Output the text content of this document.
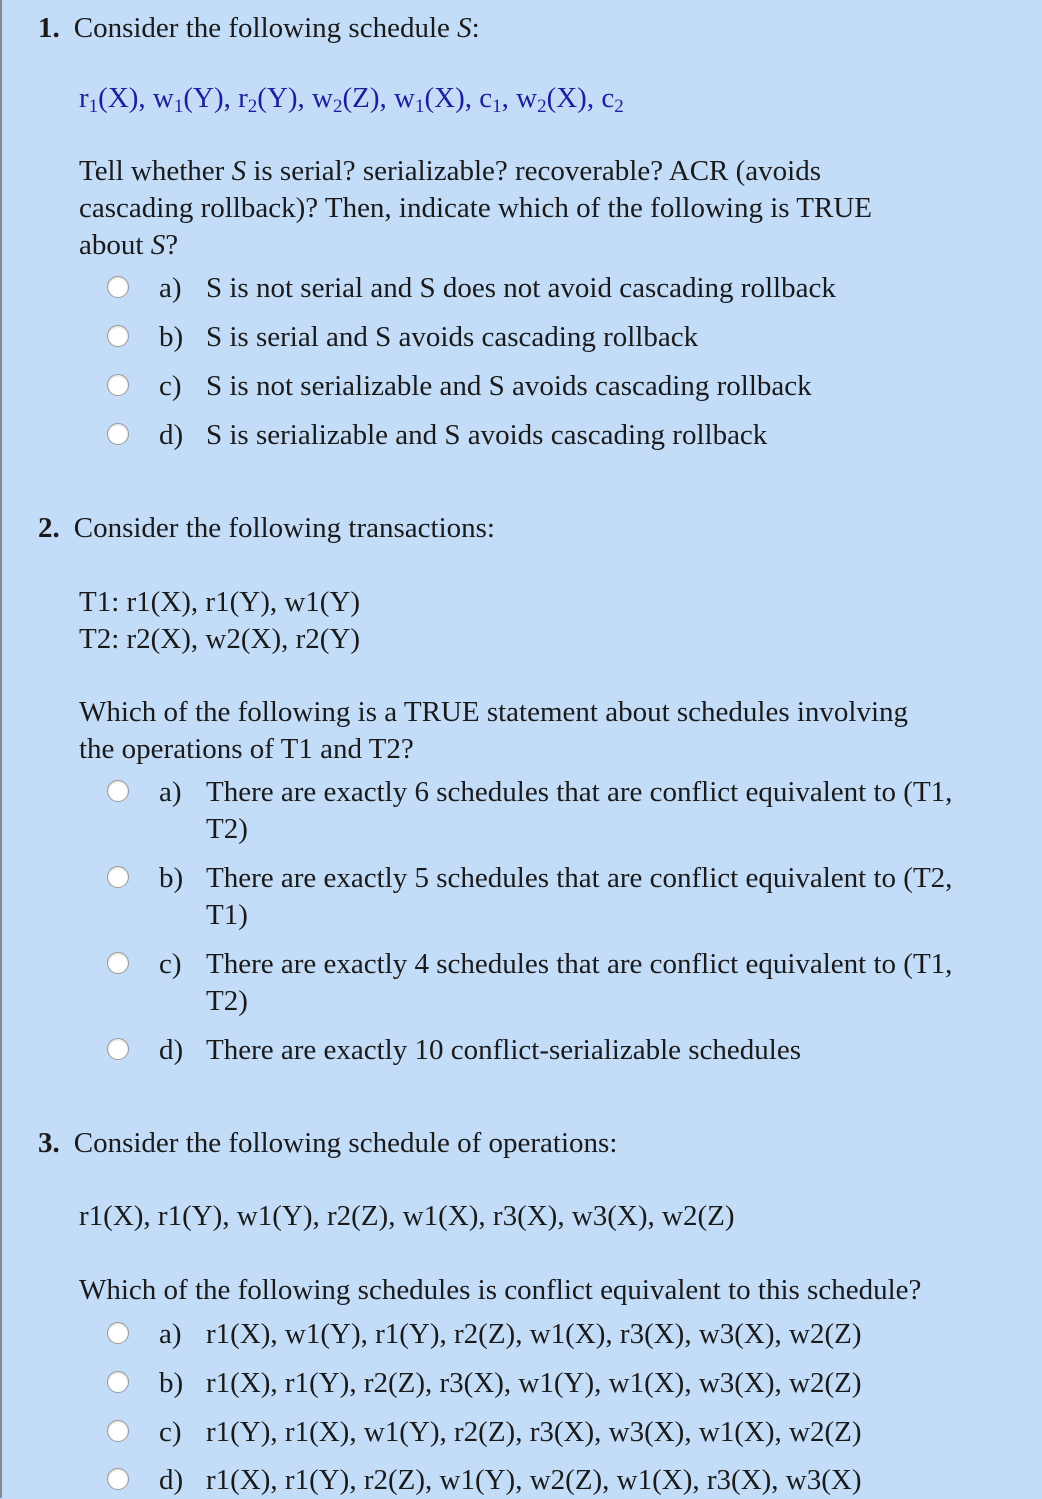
1. Consider the following schedule S:
$r_1(X)$, $w_1(Y)$, $r_2(Y)$, $w_2(Z)$, $w_1(X)$, $c_1$, $w_2(X)$, $c_2$
Tell whether S is serial? serializable? recoverable? ACR (avoids
cascading rollback)? Then, indicate which of the following is TRUE
about S?
a) S is not serial and S does not avoid cascading rollback
b) S is serial and S avoids cascading rollback
c) S is not serializable and S avoids cascading rollback
d) S is serializable and S avoids cascading rollback
2. Consider the following transactions:
T1: r1(X), r1(Y), w1(Y)
T2: r2(X), w2(X), r2(Y)
Which of the following is a TRUE statement about schedules involving
the operations of T1 and T2?
a) There are exactly 6 schedules that are conflict equivalent to (T1,
T2)
b) There are exactly 5 schedules that are conflict equivalent to (T2,
T1)
c) There are exactly 4 schedules that are conflict equivalent to (T1,
T2)
d) There are exactly 10 conflict-serializable schedules
3. Consider the following schedule of operations:
r1(X), r1(Y), w1(Y), r2(Z), w1(X), r3(X), w3(X), w2(Z)
Which of the following schedules is conflict equivalent to this schedule?
a) r1(X), w1(Y), r1(Y), r2(Z), w1(X), r3(X), w3(X), w2(Z)
b) r1(X), r1(Y), r2(Z), r3(X), w1(Y), w1(X), w3(X), w2(Z)
c) r1(Y), r1(X), w1(Y), r2(Z), r3(X), w3(X), w1(X), w2(Z)
d) r1(X), r1(Y), r2(Z), w1(Y), w2(Z), w1(X), r3(X), w3(X)
